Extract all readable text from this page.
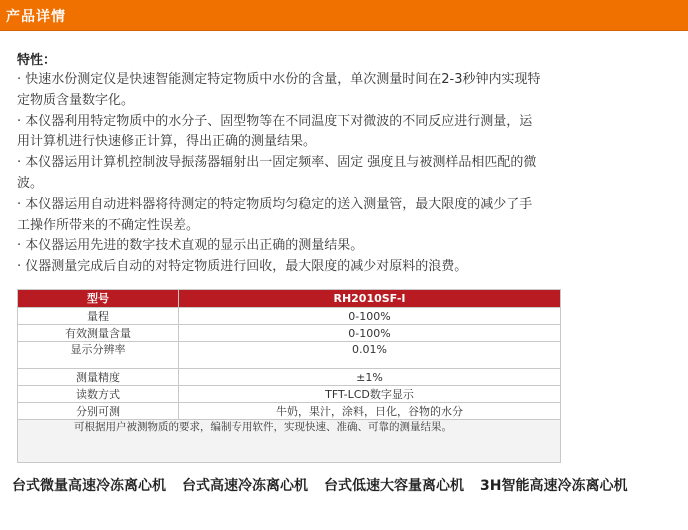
产品详情
特性：
· 快速水份测定仪是快速智能测定特定物质中水份的含量，单次测量时间在2-3秒钟内实现特
定物质含量数字化。
· 本仪器利用特定物质中的水分子、固型物等在不同温度下对微波的不同反应进行测量，运
用计算机进行快速修正计算，得出正确的测量结果。
· 本仪器运用计算机控制波导振荡器辐射出一固定频率、固定 强度且与被测样品相匹配的微
波。
· 本仪器运用自动进料器将待测定的特定物质均匀稳定的送入测量管，最大限度的减少了手
工操作所带来的不确定性误差。
· 本仪器运用先进的数字技术直观的显示出正确的测量结果。
· 仪器测量完成后自动的对特定物质进行回收，最大限度的减少对原料的浪费。
型号	RH2010SF-I
量程	0-100%
有效测量含量	0-100%
显示分辨率	0.01%
测量精度	±1%
读数方式	TFT-LCD数字显示
分别可测	牛奶，果汁，涂料，日化，谷物的水分
可根据用户被测物质的要求，编制专用软件，实现快速、准确、可靠的测量结果。	
台式微量高速冷冻离心机 台式高速冷冻离心机 台式低速大容量离心机 3H智能高速冷冻离心机
